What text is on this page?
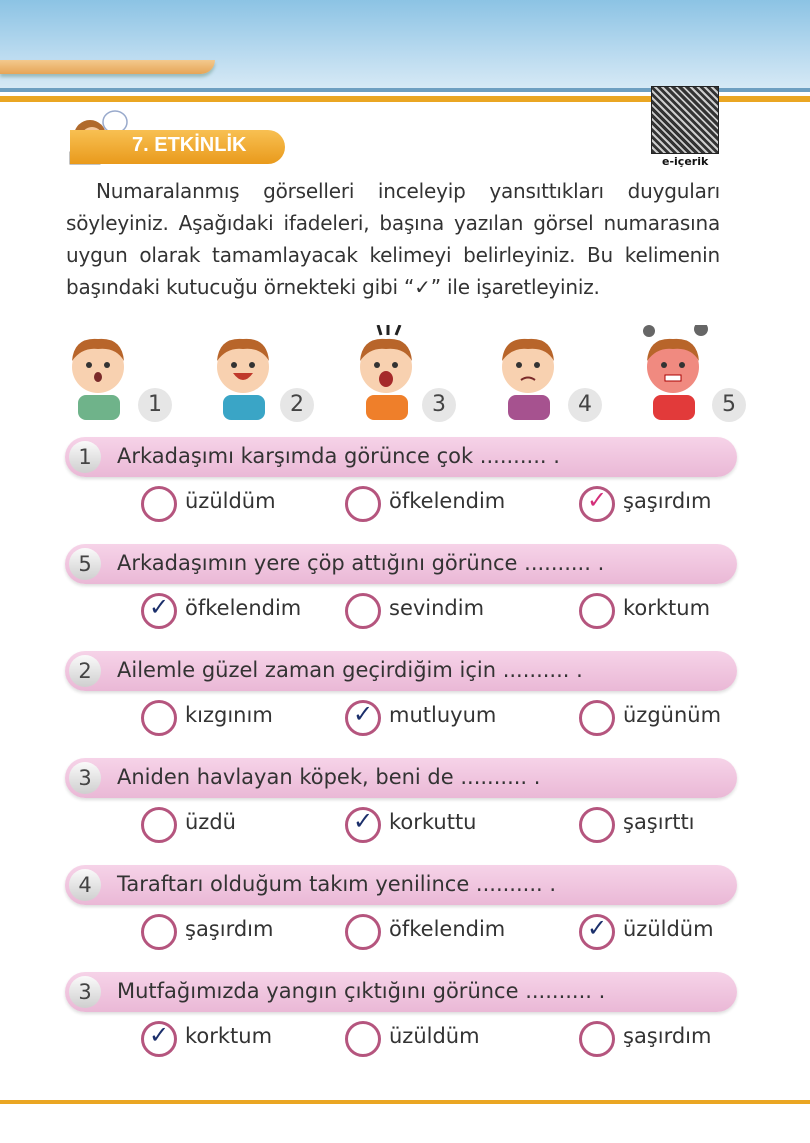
7. ETKİNLİK
e-içerik
Numaralanmış görselleri inceleyip yansıttıkları duyguları söyleyiniz. Aşağıdaki ifadeleri, başına yazılan görsel numarasına uygun olarak tamamlayacak kelimeyi belirleyiniz. Bu kelimenin başındaki kutucuğu örnekteki gibi “✓” ile işaretleyiniz.
1	2	3	4	5
1	Arkadaşımı karşımda görünce çok .......... .
üzüldüm	öfkelendim	✓ şaşırdım
5	Arkadaşımın yere çöp attığını görünce .......... .
✓ öfkelendim	sevindim	korktum
2	Ailemle güzel zaman geçirdiğim için .......... .
kızgınım	✓ mutluyum	üzgünüm
3	Aniden havlayan köpek, beni de .......... .
üzdü	✓ korkuttu	şaşırttı
4	Taraftarı olduğum takım yenilince .......... .
şaşırdım	öfkelendim	✓ üzüldüm
3	Mutfağımızda yangın çıktığını görünce .......... .
✓ korktum	üzüldüm	şaşırdım
